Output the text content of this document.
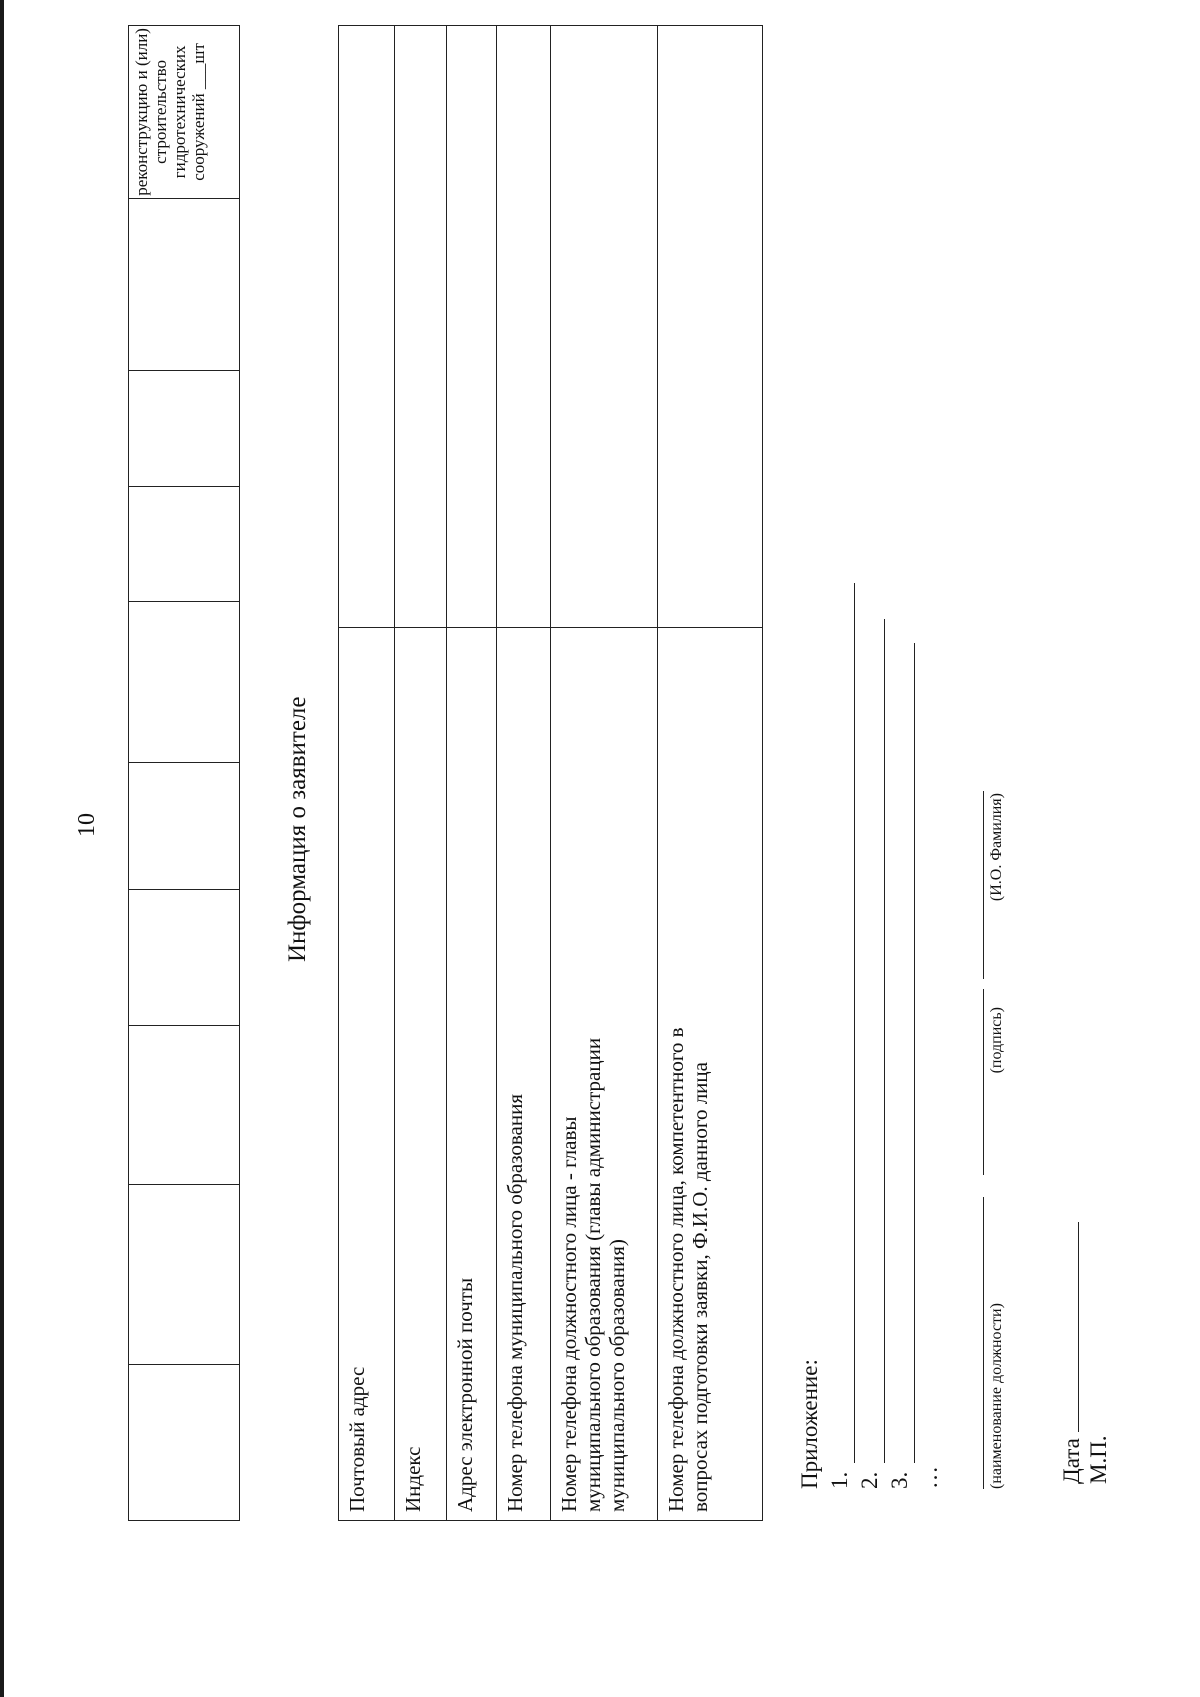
10
реконструкцию и (или) строительство гидротехнических сооружений ___шт
Информация о заявителе
Почтовый адрес Индекс Адрес электронной почты Номер телефона муниципального образования Номер телефона должностного лица - главы муниципального образования (главы администрации муниципального образования) Номер телефона должностного лица, компетентного в вопросах подготовки заявки, Ф.И.О. данного лица	Приложение: 1. 2. 3. …	(наименование должности)
(подпись)
(И.О. Фамилия)
Дата М.П.
